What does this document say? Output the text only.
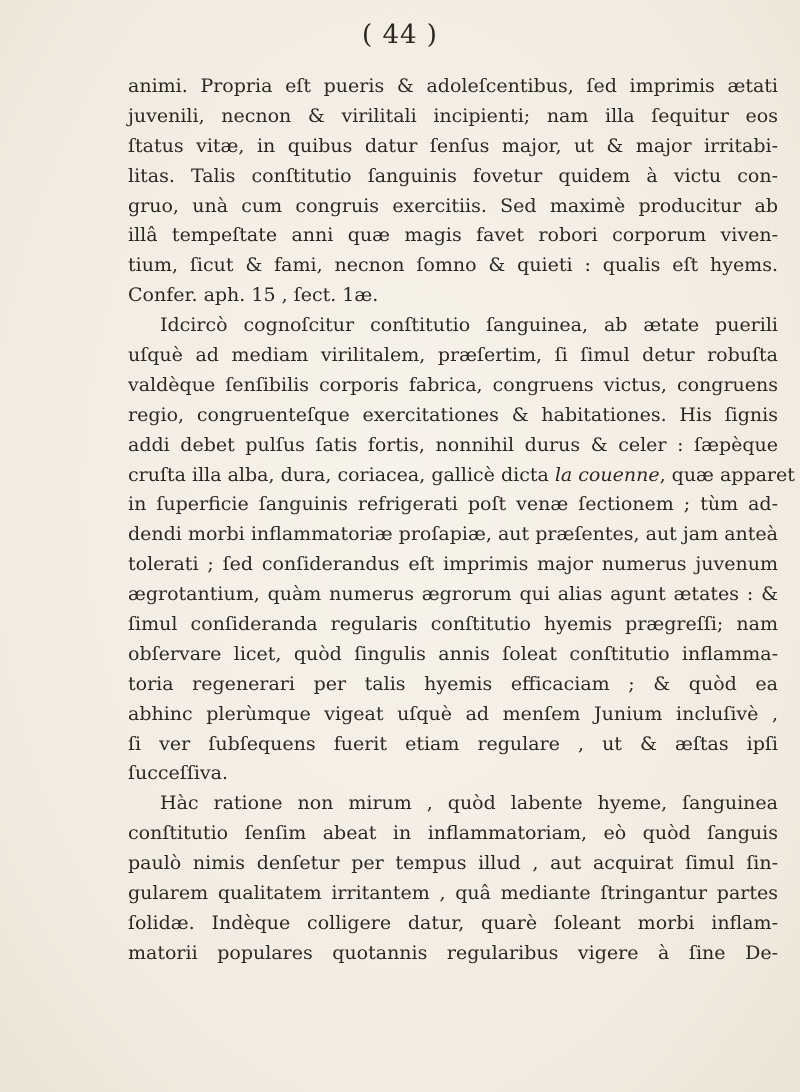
( 44 )
animi. Propria eſt pueris & adoleſcentibus, ſed imprimis ætati
juvenili, necnon & virilitali incipienti; nam illa ſequitur eos
ſtatus vitæ, in quibus datur ſenſus major, ut & major irritabi-
litas. Talis conſtitutio ſanguinis fovetur quidem à victu con-
gruo, unà cum congruis exercitiis. Sed maximè producitur ab
illâ tempeſtate anni quæ magis favet robori corporum viven-
tium, ſicut & fami, necnon ſomno & quieti : qualis eſt hyems.
Confer. aph. 15 , ſect. 1æ.
Idcircò cognoſcitur conſtitutio ſanguinea, ab ætate puerili
uſquè ad mediam virilitalem, præſertim, ſi ſimul detur robuſta
valdèque ſenſibilis corporis fabrica, congruens victus, congruens
regio, congruenteſque exercitationes & habitationes. His ſignis
addi debet pulſus ſatis fortis, nonnihil durus & celer : ſæpèque
cruſta illa alba, dura, coriacea, gallicè dicta la couenne, quæ apparet
in ſuperficie ſanguinis refrigerati poſt venæ ſectionem ; tùm ad-
dendi morbi inflammatoriæ proſapiæ, aut præſentes, aut jam anteà
tolerati ; ſed conſiderandus eſt imprimis major numerus juvenum
ægrotantium, quàm numerus ægrorum qui alias agunt ætates : &
ſimul conſideranda regularis conſtitutio hyemis prægreſſi; nam
obſervare licet, quòd ſingulis annis ſoleat conſtitutio inflamma-
toria regenerari per talis hyemis efficaciam ; & quòd ea
abhinc plerùmque vigeat uſquè ad menſem Junium incluſivè ,
ſi ver ſubſequens fuerit etiam regulare , ut & æſtas ipſi
ſucceſſiva.
Hàc ratione non mirum , quòd labente hyeme, ſanguinea
conſtitutio ſenſim abeat in inflammatoriam, eò quòd ſanguis
paulò nimis denſetur per tempus illud , aut acquirat ſimul ſin-
gularem qualitatem irritantem , quâ mediante ſtringantur partes
ſolidæ. Indèque colligere datur, quarè ſoleant morbi inflam-
matorii populares quotannis regularibus vigere à ſine De-
